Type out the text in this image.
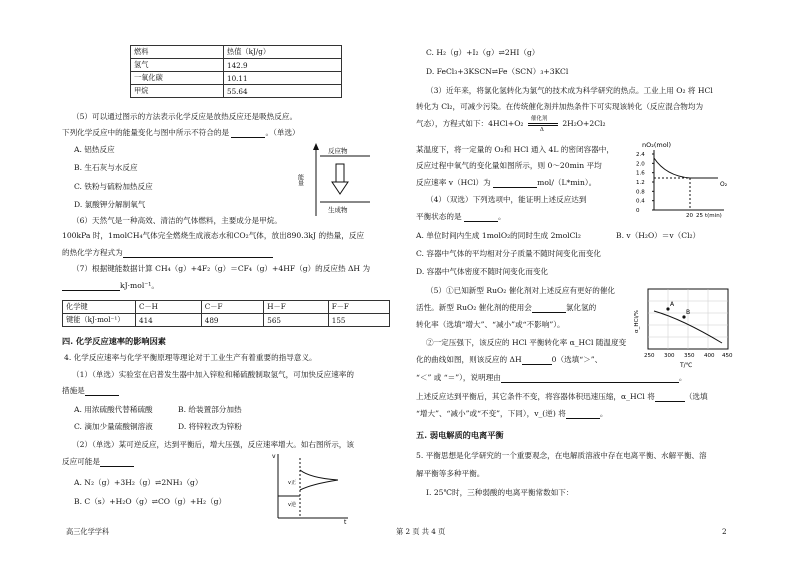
燃料	热值（kJ/g）
氢气	142.9
一氧化碳	10.11
甲烷	55.64
（5）可以通过图示的方法表示化学反应是放热反应还是吸热反应。
下列化学反应中的能量变化与图中所示不符合的是	。（单选）
A. 铝热反应
B. 生石灰与水反应
C. 铁粉与硫粉加热反应
D. 氯酸钾分解制氧气
能量
反应物
生成物
（6）天然气是一种高效、清洁的气体燃料，主要成分是甲烷。
100kPa 时，1molCH₄气体完全燃烧生成液态水和CO₂气体，放出890.3kJ 的热量，反应
的热化学方程式为
（7）根据键能数据计算 CH₄（g）+4F₂（g）＝CF₄（g）+4HF（g）的反应热 ΔH 为
kJ·mol⁻¹。
化学键	C－H	C－F	H－F	F－F
键能（kJ·mol⁻¹）	414	489	565	155
四. 化学反应速率的影响因素
4. 化学反应速率与化学平衡原理等理论对于工业生产有着重要的指导意义。
（1）（单选）实验室在启普发生器中加入锌粒和稀硫酸制取氢气，可加快反应速率的
措施是
A. 用浓硫酸代替稀硫酸	B. 给装置部分加热
C. 滴加少量硫酸铜溶液	D. 将锌粒改为锌粉
（2）（单选）某可逆反应，达到平衡后，增大压强，反应速率增大。如右图所示，该
反应可能是
A. N₂（g）+3H₂（g）⇌2NH₃（g）
B. C（s）+H₂O（g）⇌CO（g）+H₂（g）
v
t
v正
v逆
C. H₂（g）+I₂（g）⇌2HI（g）
D. FeCl₃+3KSCN⇌Fe（SCN）₃+3KCl
（3）近年来，将氯化氢转化为氯气的技术成为科学研究的热点。工业上用 O₂ 将 HCl
转化为 Cl₂，可减少污染。在传统催化剂并加热条件下可实现该转化（反应混合物均为
气态），方程式如下：4HCl+O₂ 催化剂
Δ
2H₂O+2Cl₂
某温度下，将一定量的 O₂和 HCl 通入 4L 的密闭容器中，
反应过程中氧气的变化量如图所示，则 0～20min 平均
反应速率 v（HCl）为	mol/（L*min）。
（4）（双选）下列选项中，能证明上述反应达到
平衡状态的是	。
A. 单位时间内生成 1molO₂的同时生成 2molCl₂	B. v（H₂O）＝v（Cl₂）
C. 容器中气体的平均相对分子质量不随时间变化而变化
D. 容器中气体密度不随时间变化而变化
（5）①已知新型 RuO₂ 催化剂对上述反应有更好的催化
活性。新型 RuO₂ 催化剂的使用会	氯化氢的
转化率（选填“增大”、“减小”或“不影响”）。
②一定压强下，该反应的 HCl 平衡转化率 α_HCl 随温度变
化的曲线如图，则该反应的 ΔH	0（选填“＞”、
“＜” 或 “＝”），说明理由	。
上述反应达到平衡后，其它条件不变，将容器体积迅速压缩，α_HCl 将	（选填
“增大”、“减小”或“不变”，下同），v_(逆) 将	。
五. 弱电解质的电离平衡
5. 平衡思想是化学研究的一个重要观念，在电解质溶液中存在电离平衡、水解平衡、溶
解平衡等多种平衡。
Ⅰ. 25℃时，三种弱酸的电离平衡常数如下：
nO₂(mol)
2.4
2.0
1.6
1.2
0.8
0.4
0
20 25 t(min)
O₂
α_HCl/%
A
B
250 300 350 400 450
T/℃
高三化学学科	第 2 页 共 4 页	2
